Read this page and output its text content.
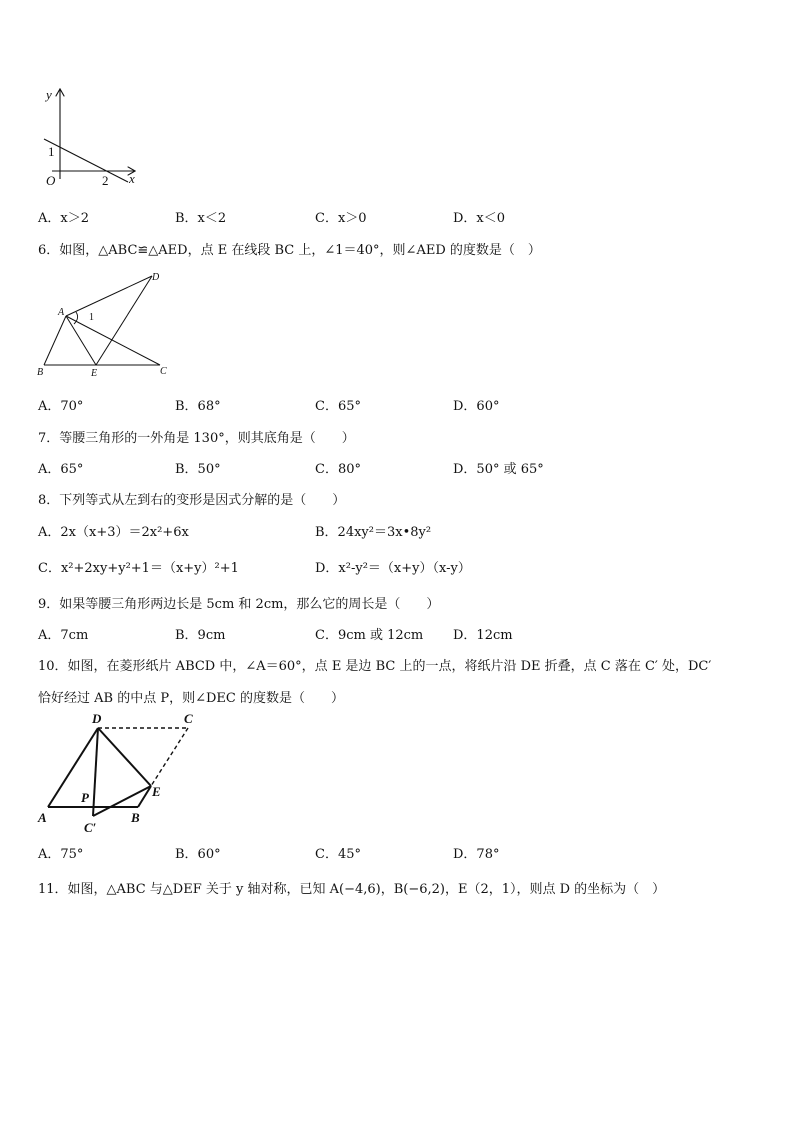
y
x
O
1
2
A．x＞2	B．x＜2	C．x＞0	D．x＜0
6．如图，△ABC≌△AED，点 E 在线段 BC 上，∠1＝40°，则∠AED 的度数是（　）
A
B	C
D
E
1
A．70°	B．68°	C．65°	D．60°
7．等腰三角形的一外角是 130°，则其底角是（　　）
A．65°	B．50°	C．80°	D．50° 或 65°
8．下列等式从左到右的变形是因式分解的是（　　）
A．2x（x+3）＝2x²+6x	B．24xy²＝3x•8y²
C．x²+2xy+y²+1＝（x+y）²+1	D．x²-y²＝（x+y）（x-y）
9．如果等腰三角形两边长是 5cm 和 2cm，那么它的周长是（　　）
A．7cm	B．9cm	C．9cm 或 12cm D．12cm
10．如图，在菱形纸片 ABCD 中，∠A＝60°，点 E 是边 BC 上的一点，将纸片沿 DE 折叠，点 C 落在 C′ 处，DC′
恰好经过 AB 的中点 P，则∠DEC 的度数是（　　）
D	C
E
P
A	B
C′
A．75°	B．60°	C．45°	D．78°
11．如图，△ABC 与△DEF 关于 y 轴对称，已知 A(−4,6)，B(−6,2)，E（2，1），则点 D 的坐标为（　）
